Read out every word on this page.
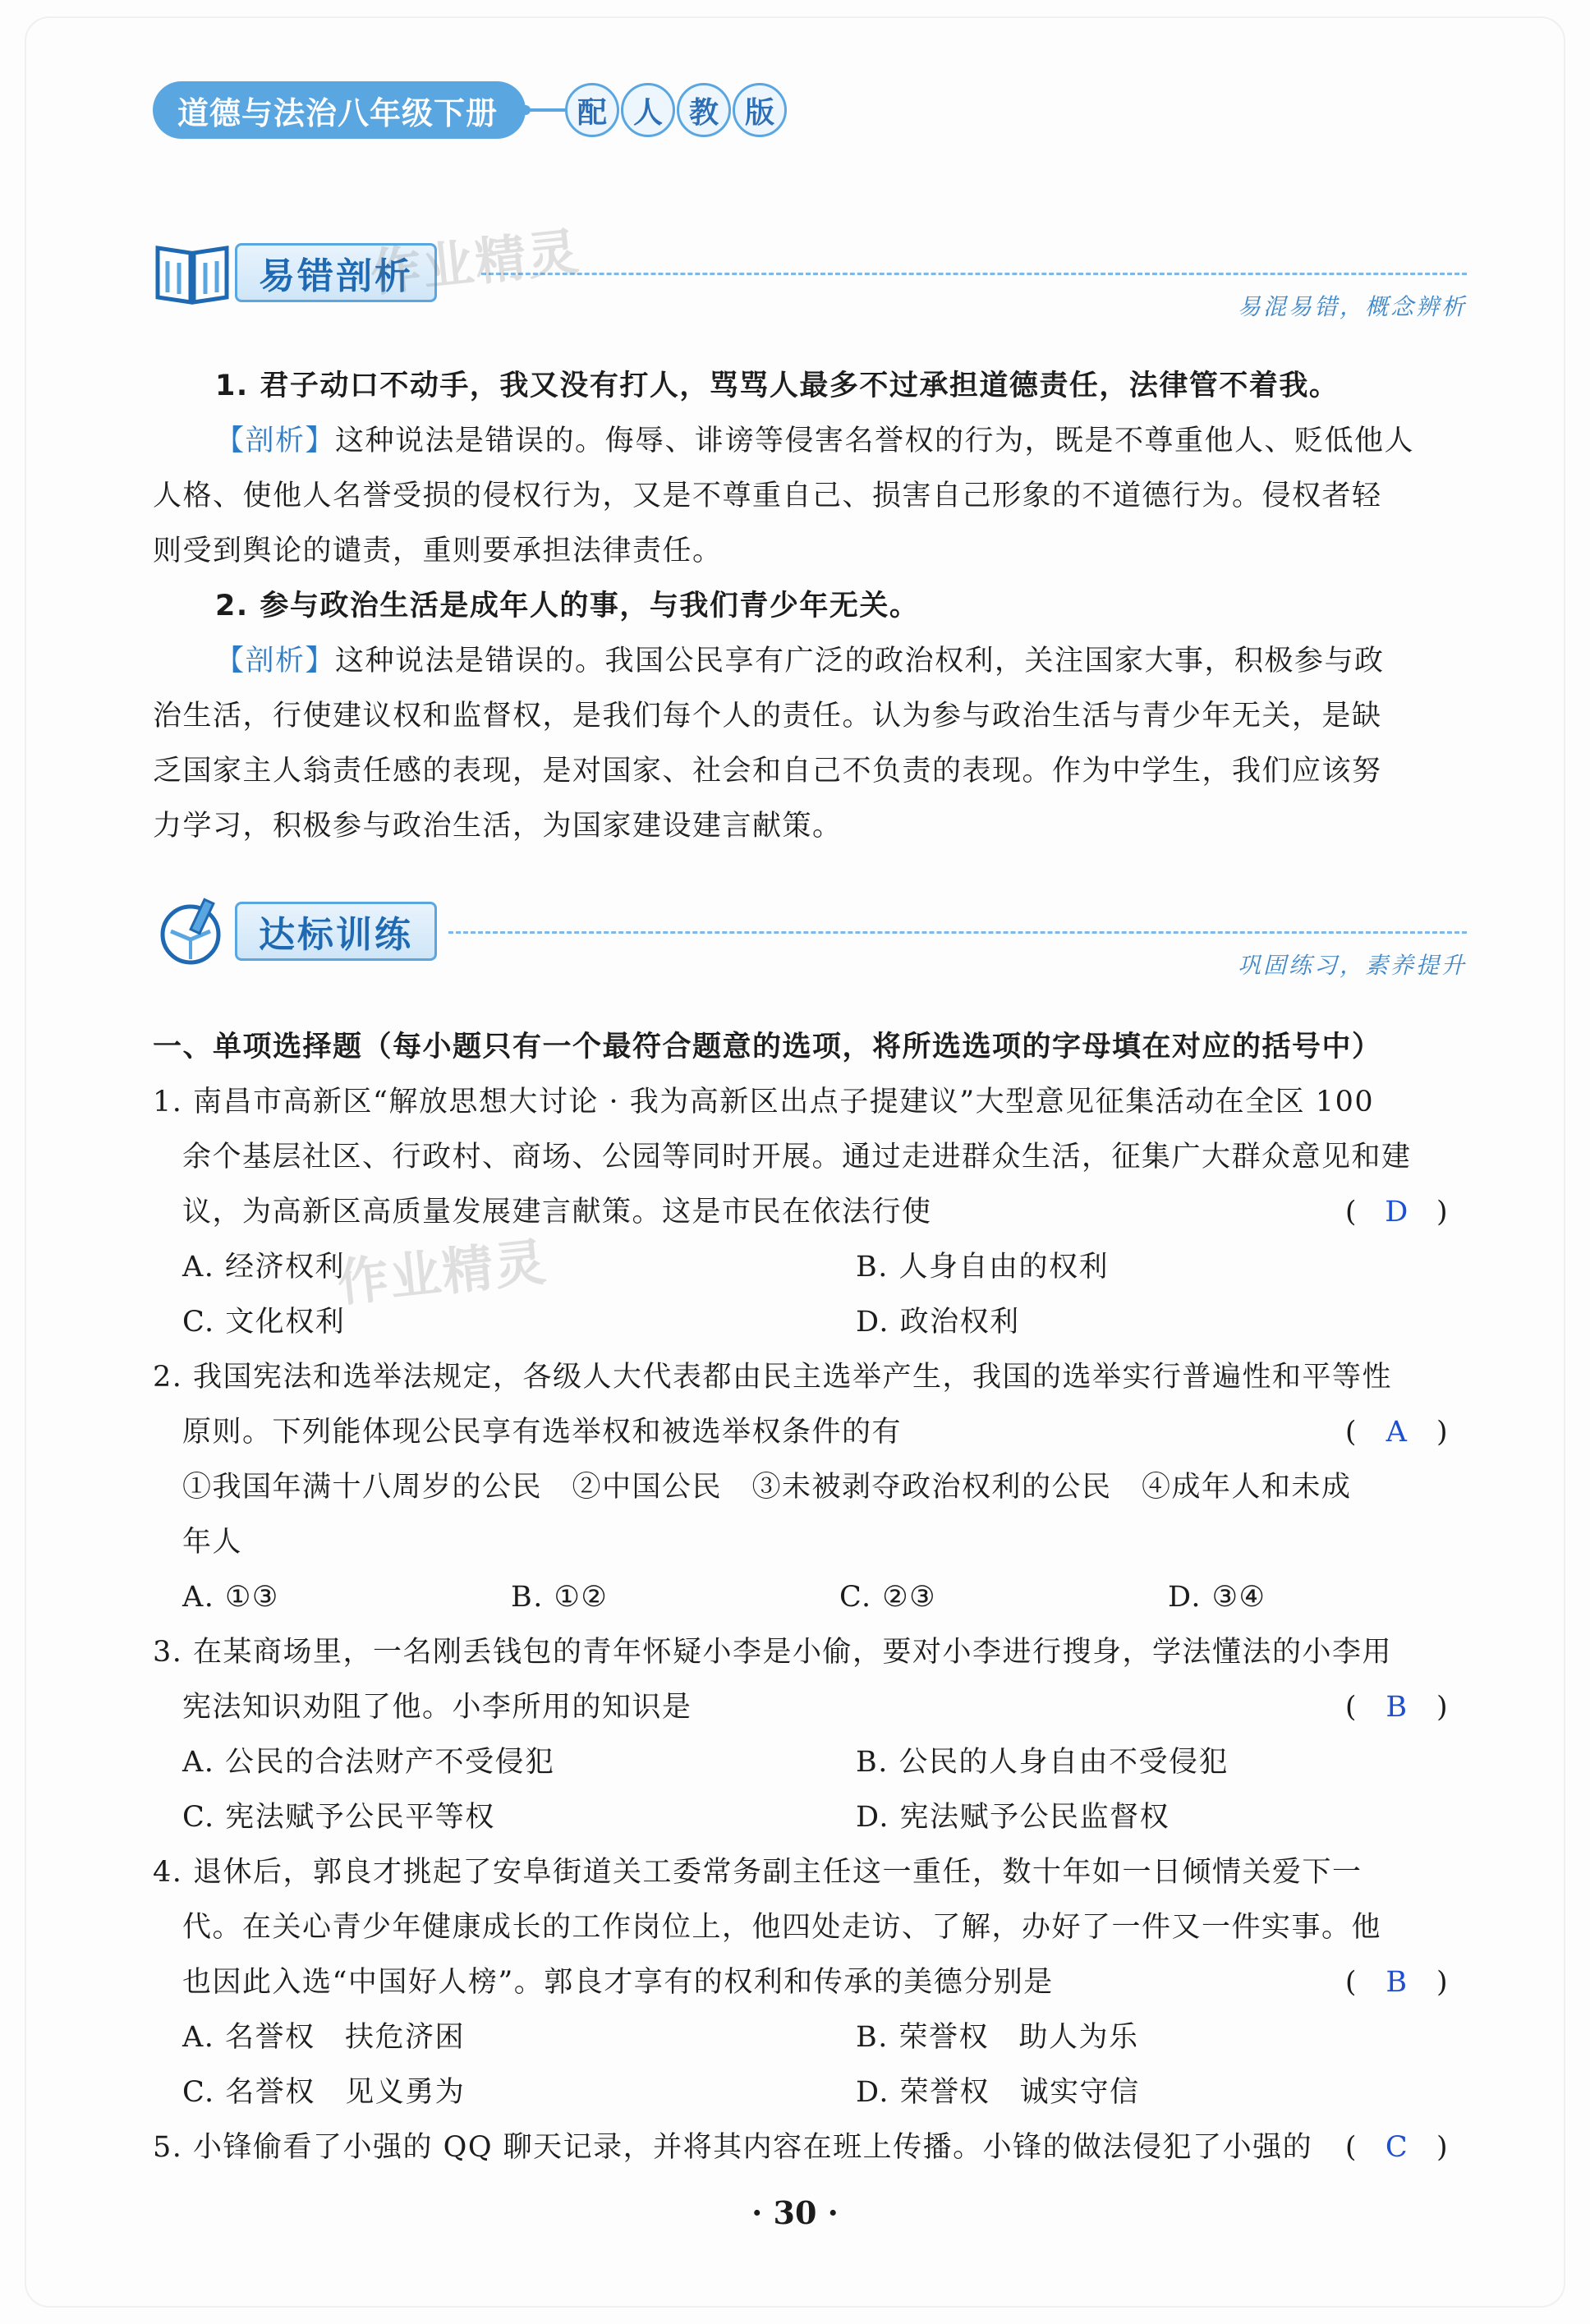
道德与法治八年级下册	配 人 教 版
易错剖析
易混易错，概念辨析
作业精灵
1. 君子动口不动手，我又没有打人，骂骂人最多不过承担道德责任，法律管不着我。
【剖析】这种说法是错误的。侮辱、诽谤等侵害名誉权的行为，既是不尊重他人、贬低他人
人格、使他人名誉受损的侵权行为，又是不尊重自己、损害自己形象的不道德行为。侵权者轻
则受到舆论的谴责，重则要承担法律责任。
2. 参与政治生活是成年人的事，与我们青少年无关。
【剖析】这种说法是错误的。我国公民享有广泛的政治权利，关注国家大事，积极参与政
治生活，行使建议权和监督权，是我们每个人的责任。认为参与政治生活与青少年无关，是缺
乏国家主人翁责任感的表现，是对国家、社会和自己不负责的表现。作为中学生，我们应该努
力学习，积极参与政治生活，为国家建设建言献策。
达标训练
巩固练习，素养提升
一、单项选择题（每小题只有一个最符合题意的选项，将所选选项的字母填在对应的括号中）
1. 南昌市高新区“解放思想大讨论 · 我为高新区出点子提建议”大型意见征集活动在全区 100
余个基层社区、行政村、商场、公园等同时开展。通过走进群众生活，征集广大群众意见和建
议，为高新区高质量发展建言献策。这是市民在依法行使	( D )
A. 经济权利	B. 人身自由的权利
C. 文化权利	D. 政治权利
2. 我国宪法和选举法规定，各级人大代表都由民主选举产生，我国的选举实行普遍性和平等性
原则。下列能体现公民享有选举权和被选举权条件的有	( A )
①我国年满十八周岁的公民　②中国公民　③未被剥夺政治权利的公民　④成年人和未成
年人
A. ①③	B. ①②	C. ②③	D. ③④
3. 在某商场里，一名刚丢钱包的青年怀疑小李是小偷，要对小李进行搜身，学法懂法的小李用
宪法知识劝阻了他。小李所用的知识是	( B )
A. 公民的合法财产不受侵犯	B. 公民的人身自由不受侵犯
C. 宪法赋予公民平等权	D. 宪法赋予公民监督权
4. 退休后，郭良才挑起了安阜街道关工委常务副主任这一重任，数十年如一日倾情关爱下一
代。在关心青少年健康成长的工作岗位上，他四处走访、了解，办好了一件又一件实事。他
也因此入选“中国好人榜”。郭良才享有的权利和传承的美德分别是	( B )
A. 名誉权　扶危济困	B. 荣誉权　助人为乐
C. 名誉权　见义勇为	D. 荣誉权　诚实守信
5. 小锋偷看了小强的 QQ 聊天记录，并将其内容在班上传播。小锋的做法侵犯了小强的	( C )
作业精灵
· 30 ·
